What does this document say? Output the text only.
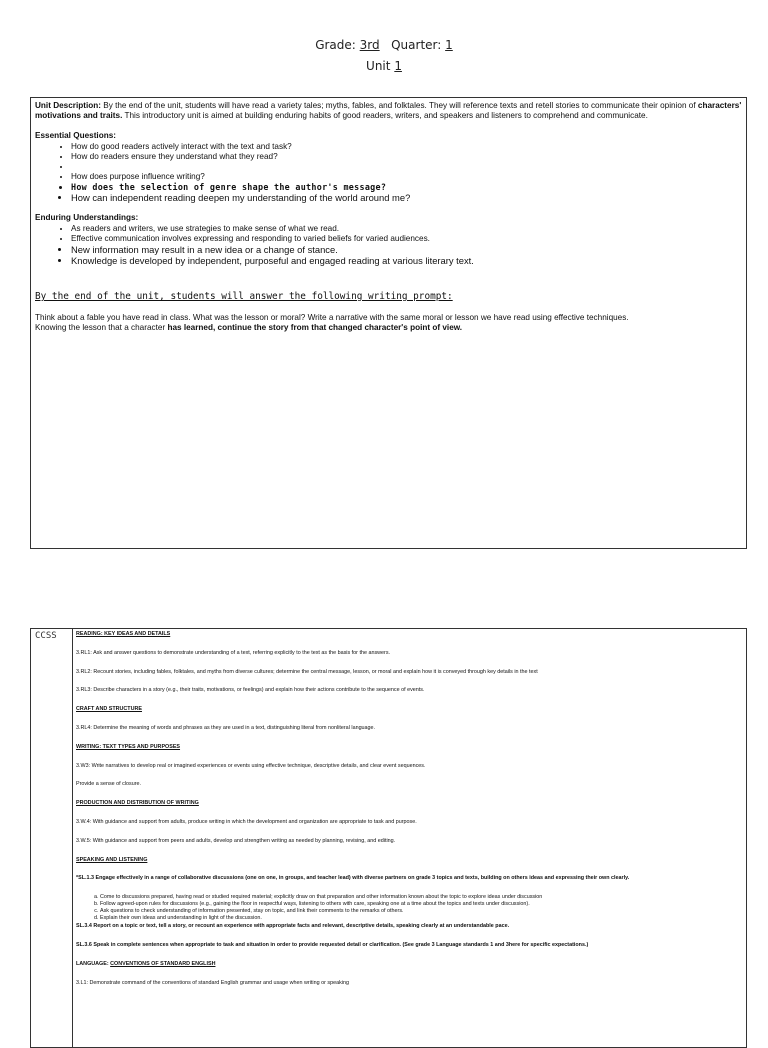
Grade: 3rd Quarter: 1
Unit 1
Unit Description: By the end of the unit, students will have read a variety tales; myths, fables, and folktales. They will reference texts and retell stories to communicate their opinion of characters' motivations and traits. This introductory unit is aimed at building enduring habits of good readers, writers, and speakers and listeners to comprehend and communicate.
Essential Questions:
• How do good readers actively interact with the text and task?
• How do readers ensure they understand what they read?
•
• How does purpose influence writing?
• How does the selection of genre shape the author's message?
• How can independent reading deepen my understanding of the world around me?
Enduring Understandings:
• As readers and writers, we use strategies to make sense of what we read.
• Effective communication involves expressing and responding to varied beliefs for varied audiences.
• New information may result in a new idea or a change of stance.
• Knowledge is developed by independent, purposeful and engaged reading at various literary text.
By the end of the unit, students will answer the following writing prompt:
Think about a fable you have read in class. What was the lesson or moral? Write a narrative with the same moral or lesson we have read using effective techniques.
Knowing the lesson that a character has learned, continue the story from that changed character's point of view.
CCSS	READING: KEY IDEAS AND DETAILS

3.RL1: Ask and answer questions to demonstrate understanding of a text, referring explicitly to the text as the basis for the answers.

3.RL2: Recount stories, including fables, folktales, and myths from diverse cultures; determine the central message, lesson, or moral and explain how it is conveyed through key details in the text

3.RL3: Describe characters in a story (e.g., their traits, motivations, or feelings) and explain how their actions contribute to the sequence of events.

CRAFT AND STRUCTURE

3.RL4: Determine the meaning of words and phrases as they are used in a text, distinguishing literal from nonliteral language.

WRITING: TEXT TYPES AND PURPOSES

3.W3: Write narratives to develop real or imagined experiences or events using effective technique, descriptive details, and clear event sequences.

Provide a sense of closure.

PRODUCTION AND DISTRIBUTION OF WRITING

3.W.4: With guidance and support from adults, produce writing in which the development and organization are appropriate to task and purpose.

3.W.5: With guidance and support from peers and adults, develop and strengthen writing as needed by planning, revising, and editing.

SPEAKING AND LISTENING

*SL.1.3 Engage effectively in a range of collaborative discussions (one on one, in groups, and teacher lead) with diverse partners on grade 3 topics and texts, building on others ideas and expressing their own clearly.

a. Come to discussions prepared, having read or studied required material; explicitly draw on that preparation and other information known about the topic to explore ideas under discussion
b. Follow agreed-upon rules for discussions (e.g., gaining the floor in respectful ways, listening to others with care, speaking one at a time about the topics and texts under discussion).
c. Ask questions to check understanding of information presented, stay on topic, and link their comments to the remarks of others.
d. Explain their own ideas and understanding in light of the discussion.

SL.3.4 Report on a topic or text, tell a story, or recount an experience with appropriate facts and relevant, descriptive details, speaking clearly at an understandable pace.

SL.3.6 Speak in complete sentences when appropriate to task and situation in order to provide requested detail or clarification. (See grade 3 Language standards 1 and 3here for specific expectations.)

LANGUAGE: CONVENTIONS OF STANDARD ENGLISH

3.L1: Demonstrate command of the conventions of standard English grammar and usage when writing or speaking
